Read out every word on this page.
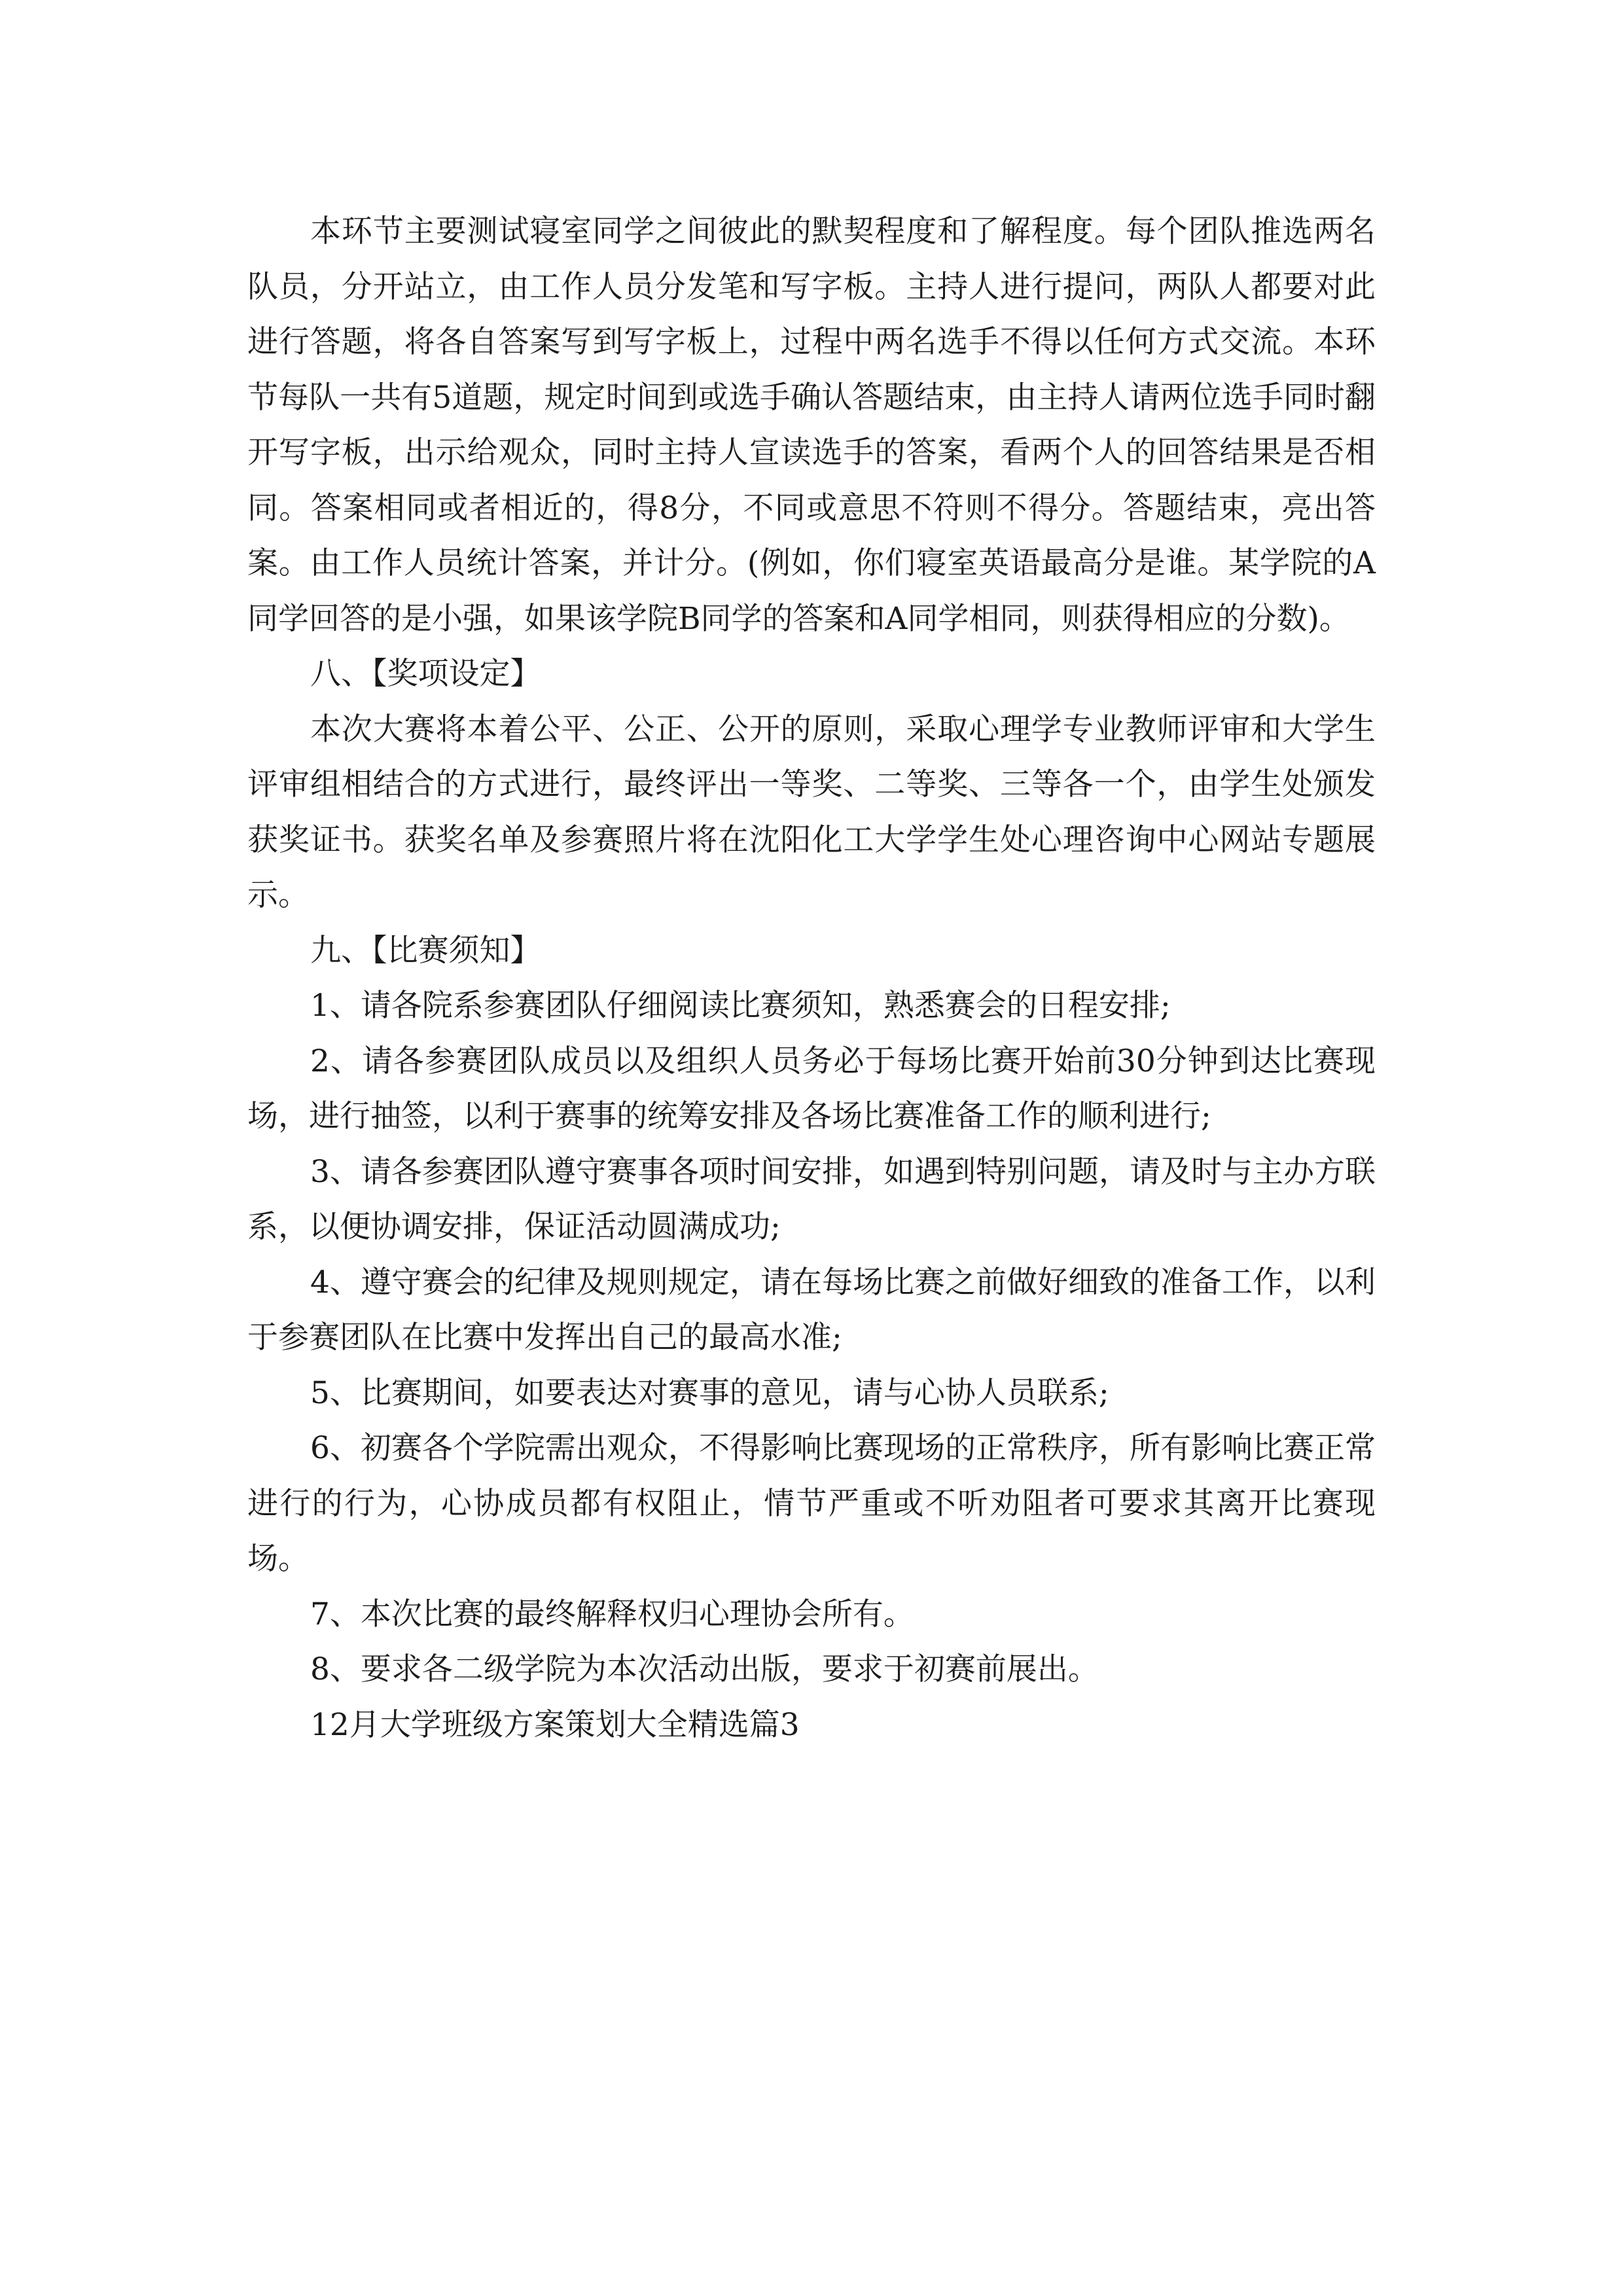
本环节主要测试寝室同学之间彼此的默契程度和了解程度。每个团队推选两名队员，分开站立，由工作人员分发笔和写字板。主持人进行提问，两队人都要对此进行答题，将各自答案写到写字板上，过程中两名选手不得以任何方式交流。本环节每队一共有5道题，规定时间到或选手确认答题结束，由主持人请两位选手同时翻开写字板，出示给观众，同时主持人宣读选手的答案，看两个人的回答结果是否相同。答案相同或者相近的，得8分，不同或意思不符则不得分。答题结束，亮出答案。由工作人员统计答案，并计分。(例如，你们寝室英语最高分是谁。某学院的A同学回答的是小强，如果该学院B同学的答案和A同学相同，则获得相应的分数)。

八、【奖项设定】

本次大赛将本着公平、公正、公开的原则，采取心理学专业教师评审和大学生评审组相结合的方式进行，最终评出一等奖、二等奖、三等各一个，由学生处颁发获奖证书。获奖名单及参赛照片将在沈阳化工大学学生处心理咨询中心网站专题展示。

九、【比赛须知】

1、请各院系参赛团队仔细阅读比赛须知，熟悉赛会的日程安排;

2、请各参赛团队成员以及组织人员务必于每场比赛开始前30分钟到达比赛现场，进行抽签，以利于赛事的统筹安排及各场比赛准备工作的顺利进行;

3、请各参赛团队遵守赛事各项时间安排，如遇到特别问题，请及时与主办方联系，以便协调安排，保证活动圆满成功;

4、遵守赛会的纪律及规则规定，请在每场比赛之前做好细致的准备工作，以利于参赛团队在比赛中发挥出自己的最高水准;

5、比赛期间，如要表达对赛事的意见，请与心协人员联系;

6、初赛各个学院需出观众，不得影响比赛现场的正常秩序，所有影响比赛正常进行的行为，心协成员都有权阻止，情节严重或不听劝阻者可要求其离开比赛现场。

7、本次比赛的最终解释权归心理协会所有。

8、要求各二级学院为本次活动出版，要求于初赛前展出。

12月大学班级方案策划大全精选篇3
